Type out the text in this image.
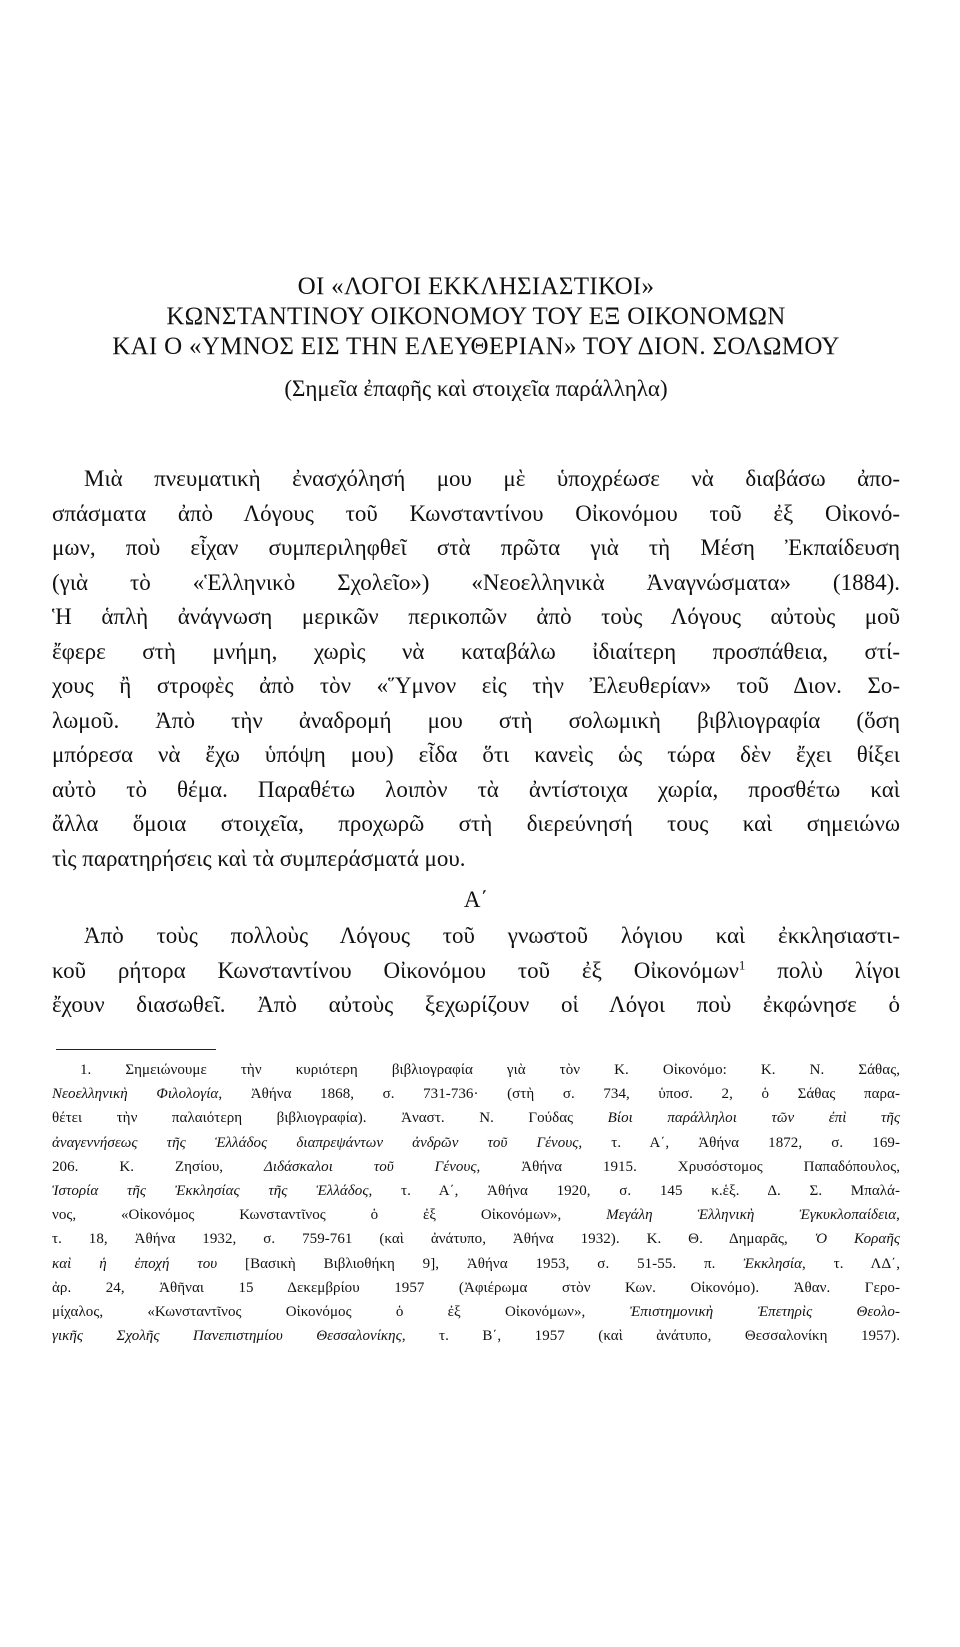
ΟΙ «ΛΟΓΟΙ ΕΚΚΛΗΣΙΑΣΤΙΚΟΙ»
ΚΩΝΣΤΑΝΤΙΝΟΥ ΟΙΚΟΝΟΜΟΥ ΤΟΥ ΕΞ ΟΙΚΟΝΟΜΩΝ
ΚΑΙ Ο «ΥΜΝΟΣ ΕΙΣ ΤΗΝ ΕΛΕΥΘΕΡΙΑΝ» ΤΟΥ ΔΙΟΝ. ΣΟΛΩΜΟΥ
(Σημεῖα ἐπαφῆς καὶ στοιχεῖα παράλληλα)
Μιὰ πνευματικὴ ἐνασχόλησή μου μὲ ὑποχρέωσε νὰ διαβάσω ἀπο-
σπάσματα ἀπὸ Λόγους τοῦ Κωνσταντίνου Οἰκονόμου τοῦ ἐξ Οἰκονό-
μων, ποὺ εἶχαν συμπεριληφθεῖ στὰ πρῶτα γιὰ τὴ Μέση Ἐκπαίδευση
(γιὰ τὸ «Ἑλληνικὸ Σχολεῖο») «Νεοελληνικὰ Ἀναγνώσματα» (1884).
Ἡ ἁπλὴ ἀνάγνωση μερικῶν περικοπῶν ἀπὸ τοὺς Λόγους αὐτοὺς μοῦ
ἔφερε στὴ μνήμη, χωρὶς νὰ καταβάλω ἰδιαίτερη προσπάθεια, στί-
χους ἢ στροφὲς ἀπὸ τὸν «Ὕμνον εἰς τὴν Ἐλευθερίαν» τοῦ Διον. Σο-
λωμοῦ. Ἀπὸ τὴν ἀναδρομή μου στὴ σολωμικὴ βιβλιογραφία (ὅση
μπόρεσα νὰ ἔχω ὑπόψη μου) εἶδα ὅτι κανεὶς ὡς τώρα δὲν ἔχει θίξει
αὐτὸ τὸ θέμα. Παραθέτω λοιπὸν τὰ ἀντίστοιχα χωρία, προσθέτω καὶ
ἄλλα ὅμοια στοιχεῖα, προχωρῶ στὴ διερεύνησή τους καὶ σημειώνω
τὶς παρατηρήσεις καὶ τὰ συμπεράσματά μου.
Α΄
Ἀπὸ τοὺς πολλοὺς Λόγους τοῦ γνωστοῦ λόγιου καὶ ἐκκλησιαστι-
κοῦ ρήτορα Κωνσταντίνου Οἰκονόμου τοῦ ἐξ Οἰκονόμων$^1$ πολὺ λίγοι
ἔχουν διασωθεῖ. Ἀπὸ αὐτοὺς ξεχωρίζουν οἱ Λόγοι ποὺ ἐκφώνησε ὁ
1. Σημειώνουμε τὴν κυριότερη βιβλιογραφία γιὰ τὸν Κ. Οἰκονόμο: Κ. Ν. Σάθας,
Νεοελληνικὴ Φιλολογία, Ἀθήνα 1868, σ. 731-736· (στὴ σ. 734, ὑποσ. 2, ὁ Σάθας παρα-
θέτει τὴν παλαιότερη βιβλιογραφία). Ἀναστ. Ν. Γούδας Βίοι παράλληλοι τῶν ἐπὶ τῆς
ἀναγεννήσεως τῆς Ἑλλάδος διαπρεψάντων ἀνδρῶν τοῦ Γένους, τ. Α΄, Ἀθήνα 1872, σ. 169-
206. Κ. Ζησίου,	Διδάσκαλοι τοῦ Γένους, Ἀθήνα 1915. Χρυσόστομος Παπαδόπουλος,
Ἱστορία τῆς Ἐκκλησίας τῆς Ἑλλάδος, τ. Α΄, Ἀθήνα 1920, σ. 145 κ.ἑξ. Δ. Σ. Μπαλά-
νος, «Οἰκονόμος Κωνσταντῖνος ὁ ἐξ Οἰκονόμων»,	Μεγάλη Ἑλληνικὴ Ἐγκυκλοπαίδεια,
τ. 18, Ἀθήνα 1932, σ. 759-761 (καὶ ἀνάτυπο, Ἀθήνα 1932). Κ. Θ. Δημαρᾶς, Ὁ Κοραῆς
καὶ ἡ ἐποχή του [Βασικὴ Βιβλιοθήκη 9], Ἀθήνα 1953, σ. 51-55. π. Ἐκκλησία, τ. ΛΔ΄,
ἀρ. 24, Ἀθῆναι 15 Δεκεμβρίου 1957 (Ἀφιέρωμα στὸν Κων. Οἰκονόμο). Ἀθαν. Γερο-
μίχαλος, «Κωνσταντῖνος Οἰκονόμος ὁ ἐξ Οἰκονόμων»,	Ἐπιστημονικὴ Ἐπετηρὶς Θεολο-
γικῆς Σχολῆς Πανεπιστημίου Θεσσαλονίκης, τ. Β΄, 1957 (καὶ ἀνάτυπο, Θεσσαλονίκη 1957).
